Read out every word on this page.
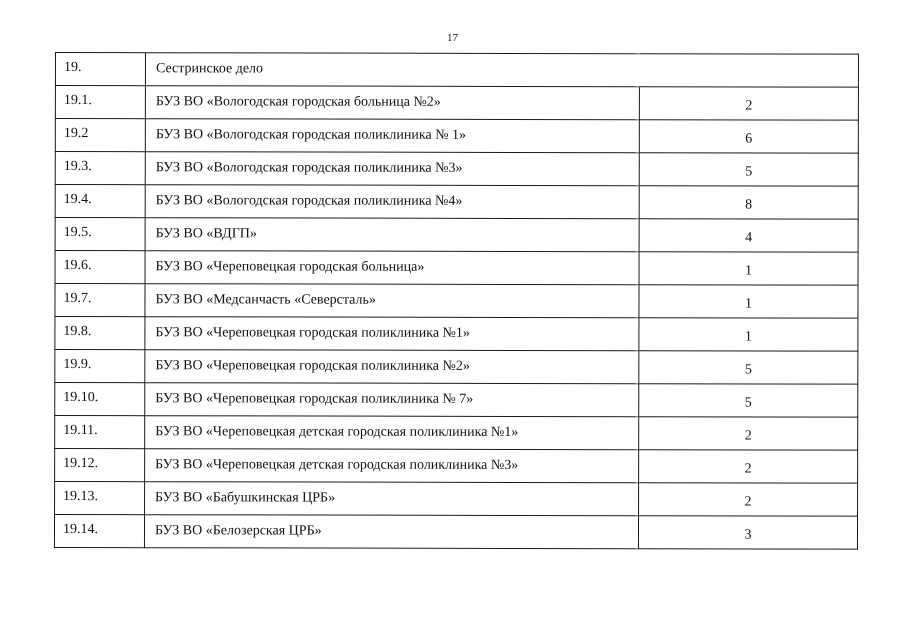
17
19.	Сестринское дело	
19.1.	БУЗ ВО «Вологодская городская больница №2»	2
19.2	БУЗ ВО «Вологодская городская поликлиника № 1»	6
19.3.	БУЗ ВО «Вологодская городская поликлиника №3»	5
19.4.	БУЗ ВО «Вологодская городская поликлиника №4»	8
19.5.	БУЗ ВО «ВДГП»	4
19.6.	БУЗ ВО «Череповецкая городская больница»	1
19.7.	БУЗ ВО «Медсанчасть «Северсталь»	1
19.8.	БУЗ ВО «Череповецкая городская поликлиника №1»	1
19.9.	БУЗ ВО «Череповецкая городская поликлиника №2»	5
19.10.	БУЗ ВО «Череповецкая городская поликлиника № 7»	5
19.11.	БУЗ ВО «Череповецкая детская городская поликлиника №1»	2
19.12.	БУЗ ВО «Череповецкая детская городская поликлиника №3»	2
19.13.	БУЗ ВО «Бабушкинская ЦРБ»	2
19.14.	БУЗ ВО «Белозерская ЦРБ»	3
